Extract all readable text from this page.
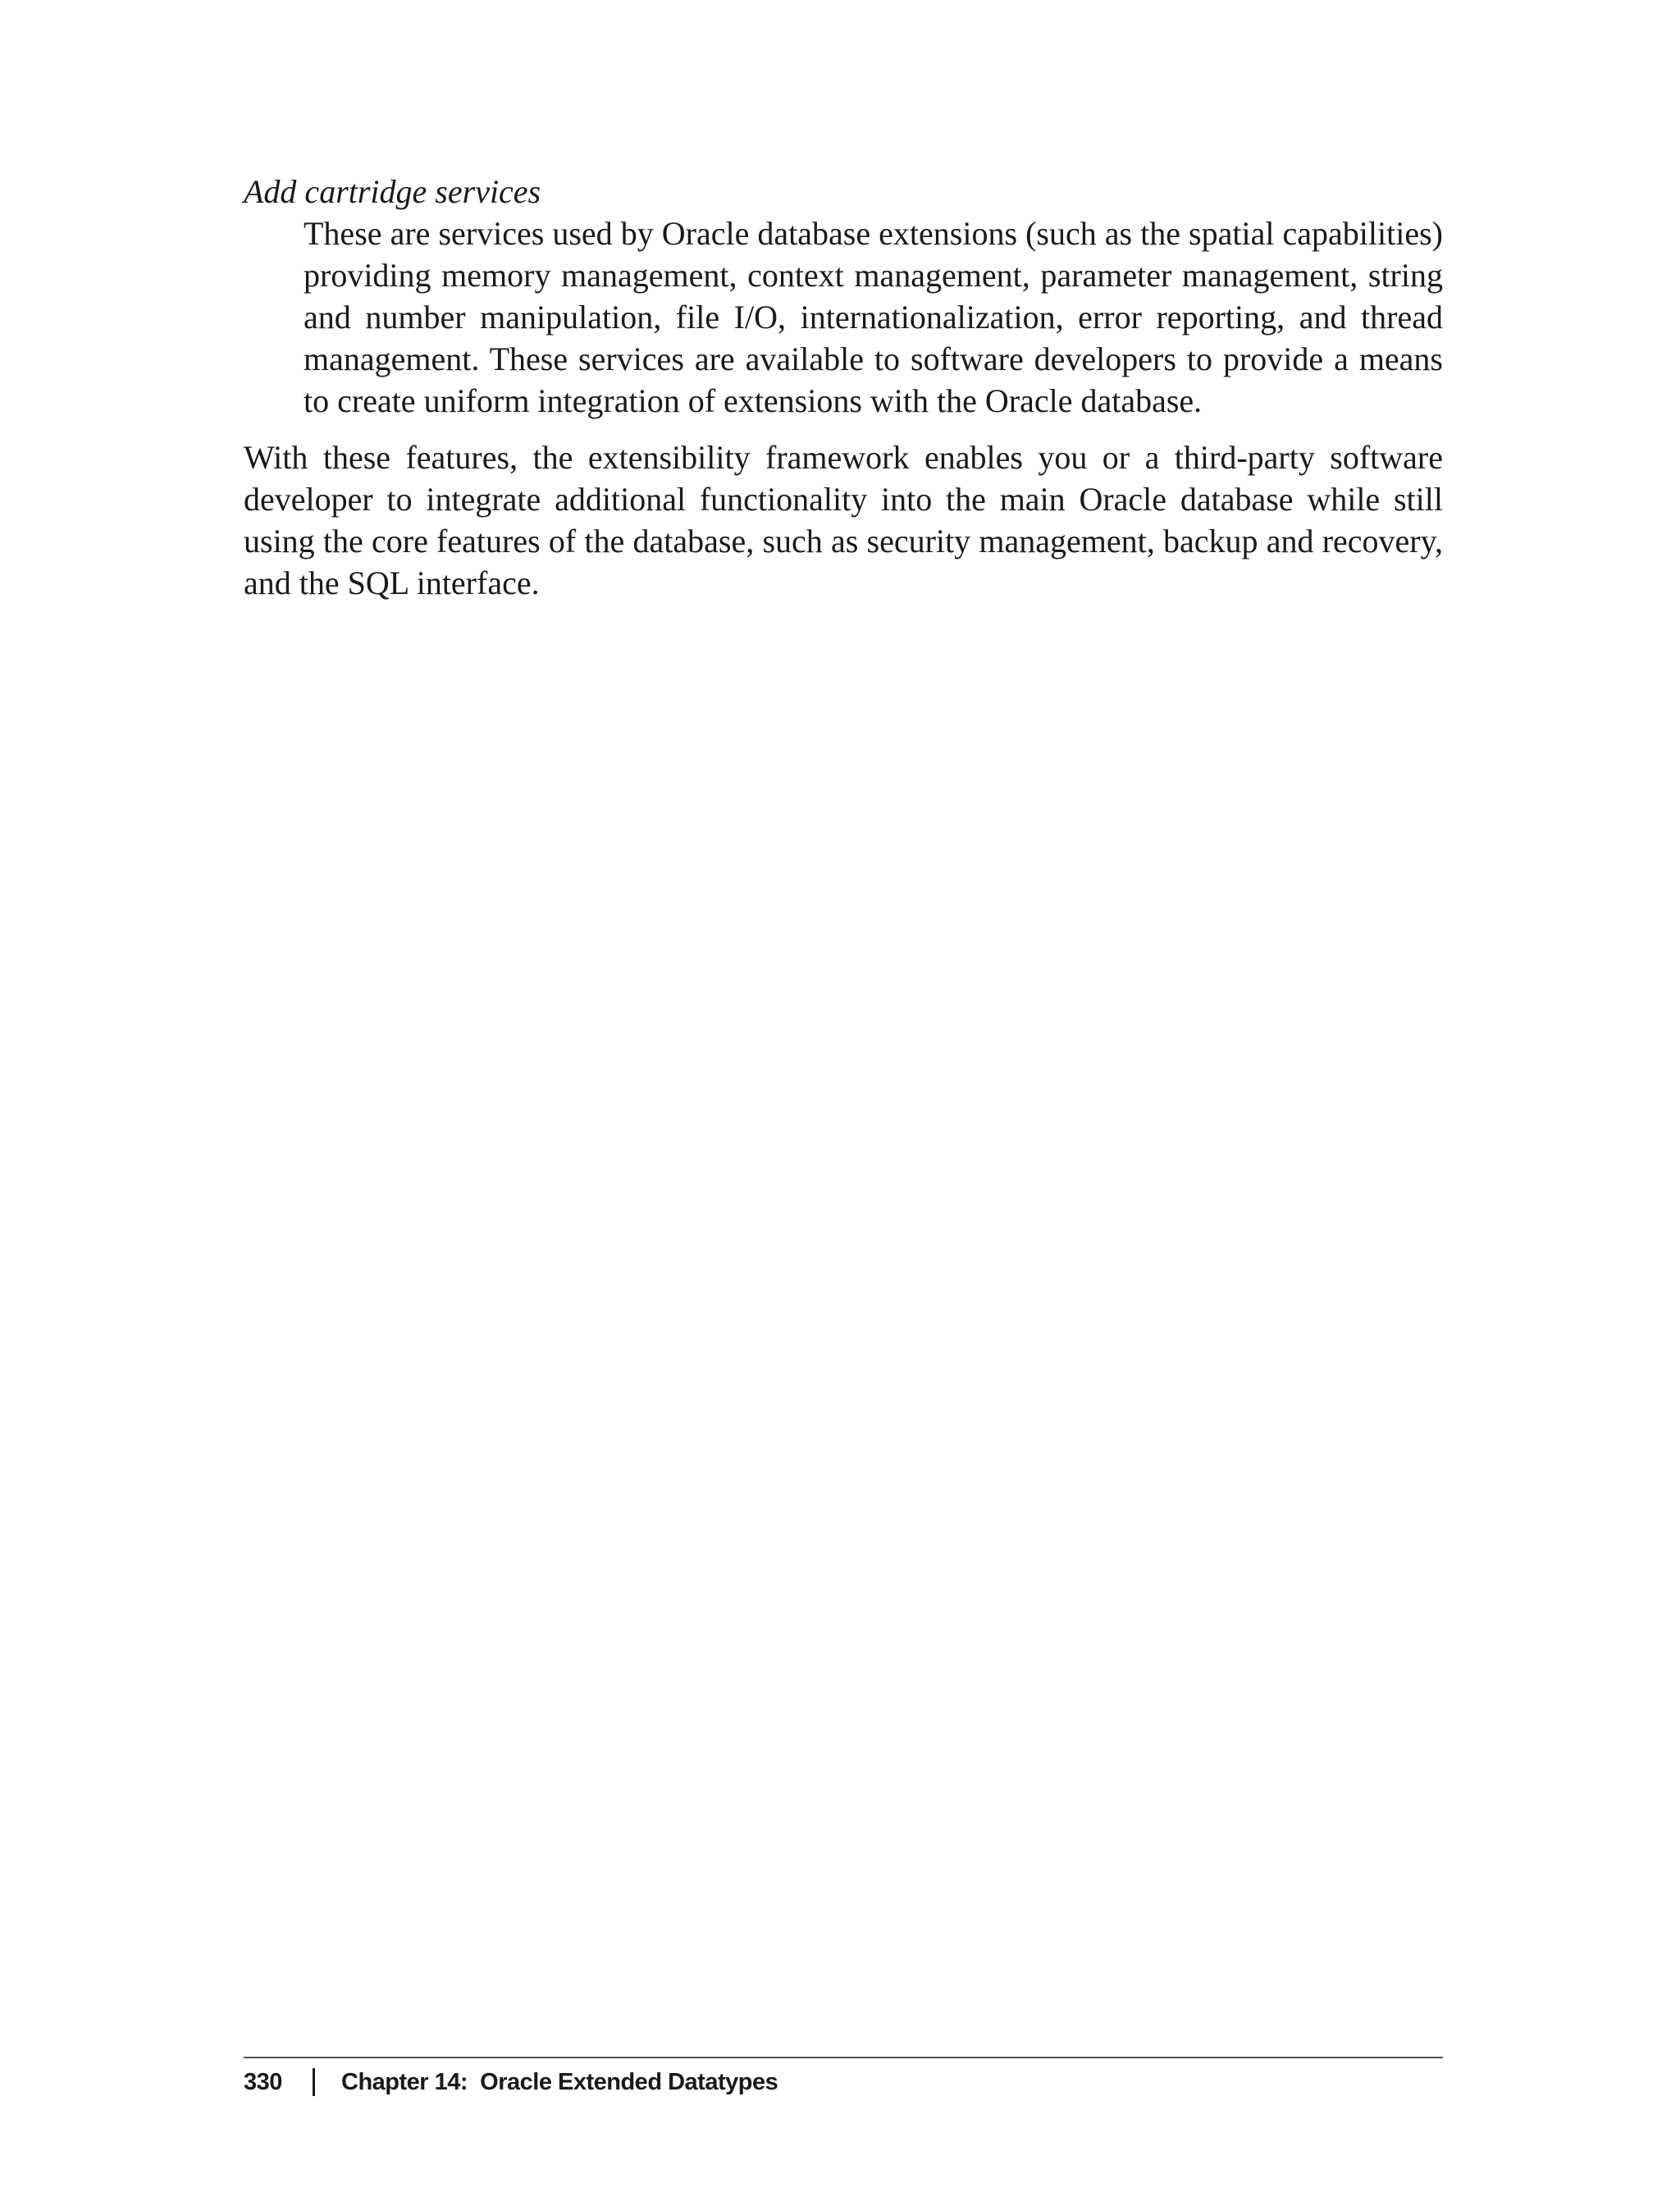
Add cartridge services

These are services used by Oracle database extensions (such as the spatial capabilities) providing memory management, context management, parameter management, string and number manipulation, file I/O, internationalization, error reporting, and thread management. These services are available to software developers to provide a means to create uniform integration of extensions with the Oracle database.

With these features, the extensibility framework enables you or a third-party software developer to integrate additional functionality into the main Oracle database while still using the core features of the database, such as security management, backup and recovery, and the SQL interface.

330 Chapter 14:  Oracle Extended Datatypes
